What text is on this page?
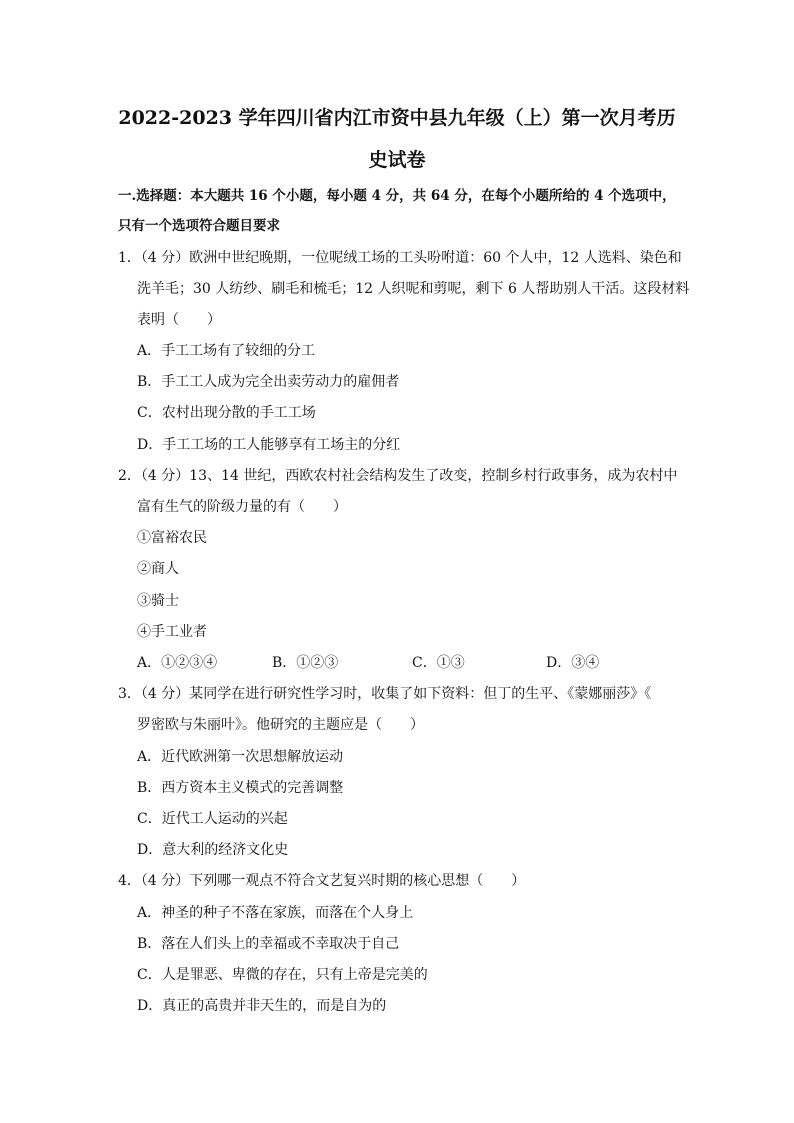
2022-2023 学年四川省内江市资中县九年级（上）第一次月考历
史试卷
一.选择题：本大题共 16 个小题，每小题 4 分，共 64 分，在每个小题所给的 4 个选项中，
只有一个选项符合题目要求
1．（4 分）欧洲中世纪晚期，一位呢绒工场的工头吩咐道：60 个人中，12 人选料、染色和
洗羊毛；30 人纺纱、刷毛和梳毛；12 人织呢和剪呢，剩下 6 人帮助别人干活。这段材料
表明（　　）
A．手工工场有了较细的分工
B．手工工人成为完全出卖劳动力的雇佣者
C．农村出现分散的手工工场
D．手工工场的工人能够享有工场主的分红
2．（4 分）13、14 世纪，西欧农村社会结构发生了改变，控制乡村行政事务，成为农村中
富有生气的阶级力量的有（　　）
①富裕农民
②商人
③骑士
④手工业者
A．①②③④	B．①②③	C．①③	D．③④
3．（4 分）某同学在进行研究性学习时，收集了如下资料：但丁的生平、《蒙娜丽莎》《
罗密欧与朱丽叶》。他研究的主题应是（　　）
A．近代欧洲第一次思想解放运动
B．西方资本主义模式的完善调整
C．近代工人运动的兴起
D．意大利的经济文化史
4．（4 分）下列哪一观点不符合文艺复兴时期的核心思想（　　）
A．神圣的种子不落在家族，而落在个人身上
B．落在人们头上的幸福或不幸取决于自己
C．人是罪恶、卑微的存在，只有上帝是完美的
D．真正的高贵并非天生的，而是自为的
